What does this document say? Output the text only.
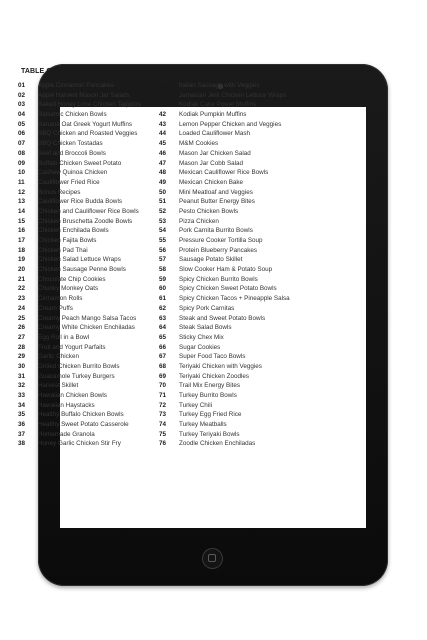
TABLE OF CONTENTS
01 Apple Cinnamon Pancakes
02 Apple Harvest Mason Jar Salads
03 Baked Honey Lime Chicken Taquitos
04 Balsamic Chicken Bowls
05 Banana Oat Greek Yogurt Muffins
06 BBQ Chicken and Roasted Veggies
07 BBQ Chicken Tostadas
08 Beef and Broccoli Bowls
09 Buffalo Chicken Sweet Potato
10 Cashew Quinoa Chicken
11 Cauliflower Fried Rice
12 Bonus Recipes
13 Cauliflower Rice Budda Bowls
14 Chicken and Cauliflower Rice Bowls
15 Chicken Bruschetta Zoodle Bowls
16 Chicken Enchilada Bowls
17 Chicken Fajita Bowls
18 Chicken Pad Thai
19 Chicken Salad Lettuce Wraps
20 Chicken Sausage Penne Bowls
21 Chocolate Chip Cookies
22 Chunky Monkey Oats
23 Cinnamon Rolls
24 Cream Puffs
25 Creamy Peach Mango Salsa Tacos
26 Creamy White Chicken Enchiladas
27 Egg Roll in a Bowl
28 Fruit and Yogurt Parfaits
29 Garlic Chicken
30 Grilled Chicken Burrito Bowls
31 Guacamole Turkey Burgers
32 Harvest Skillet
33 Hawaiian Chicken Bowls
34 Hawaiian Haystacks
35 Healthy Buffalo Chicken Bowls
36 Healthy Sweet Potato Casserole
37 Homemade Granola
38 Honey Garlic Chicken Stir Fry
39 Italian Sausage with Veggies
40 Jamaican Jerk Chicken Lettuce Wraps
41 Kodiak Cake Power Muffins
42 Kodiak Pumpkin Muffins
43 Lemon Pepper Chicken and Veggies
44 Loaded Cauliflower Mash
45 M&M Cookies
46 Mason Jar Chicken Salad
47 Mason Jar Cobb Salad
48 Mexican Cauliflower Rice Bowls
49 Mexican Chicken Bake
50 Mini Meatloaf and Veggies
51 Peanut Butter Energy Bites
52 Pesto Chicken Bowls
53 Pizza Chicken
54 Pork Carnita Burrito Bowls
55 Pressure Cooker Tortilla Soup
56 Protein Blueberry Pancakes
57 Sausage Potato Skillet
58 Slow Cooker Ham & Potato Soup
59 Spicy Chicken Burrito Bowls
60 Spicy Chicken Sweet Potato Bowls
61 Spicy Chicken Tacos + Pineapple Salsa
62 Spicy Pork Carnitas
63 Steak and Sweet Potato Bowls
64 Steak Salad Bowls
65 Sticky Chex Mix
66 Sugar Cookies
67 Super Food Taco Bowls
68 Teriyaki Chicken with Veggies
69 Teriyaki Chicken Zoodles
70 Trail Mix Energy Bites
71 Turkey Burrito Bowls
72 Turkey Chili
73 Turkey Egg Fried Rice
74 Turkey Meatballs
75 Turkey Teriyaki Bowls
76 Zoodle Chicken Enchiladas
